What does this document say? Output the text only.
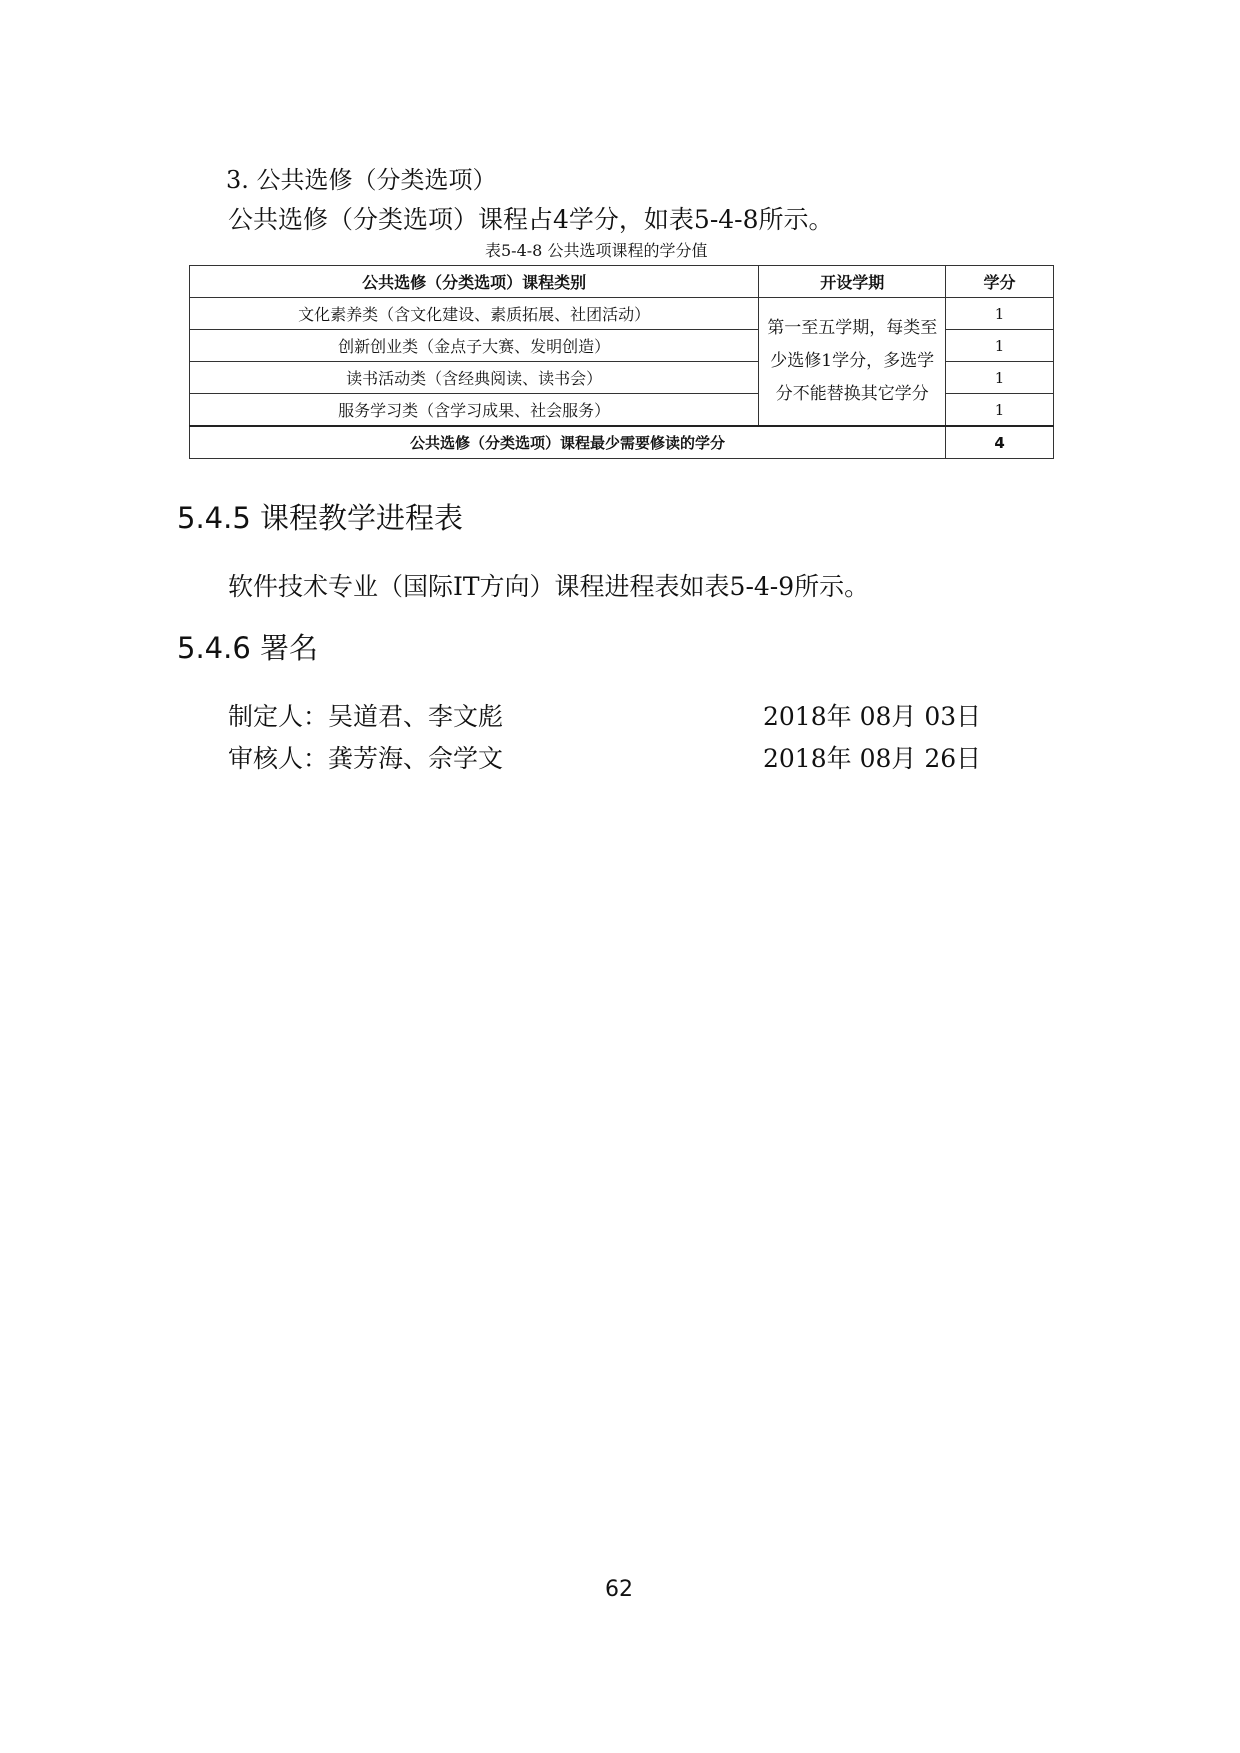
3. 公共选修（分类选项）
公共选修（分类选项）课程占4学分，如表5-4-8所示。
表5-4-8 公共选项课程的学分值
公共选修（分类选项）课程类别	开设学期	学分
文化素养类（含文化建设、素质拓展、社团活动）	第一至五学期，每类至少选修1学分，多选学分不能替换其它学分	1
创新创业类（金点子大赛、发明创造）		1
读书活动类（含经典阅读、读书会）		1
服务学习类（含学习成果、社会服务）		1
公共选修（分类选项）课程最少需要修读的学分		4
5.4.5 课程教学进程表
软件技术专业（国际IT方向）课程进程表如表5-4-9所示。
5.4.6 署名
制定人：吴道君、李文彪	2018年 08月 03日
审核人：龚芳海、佘学文	2018年 08月 26日
62
